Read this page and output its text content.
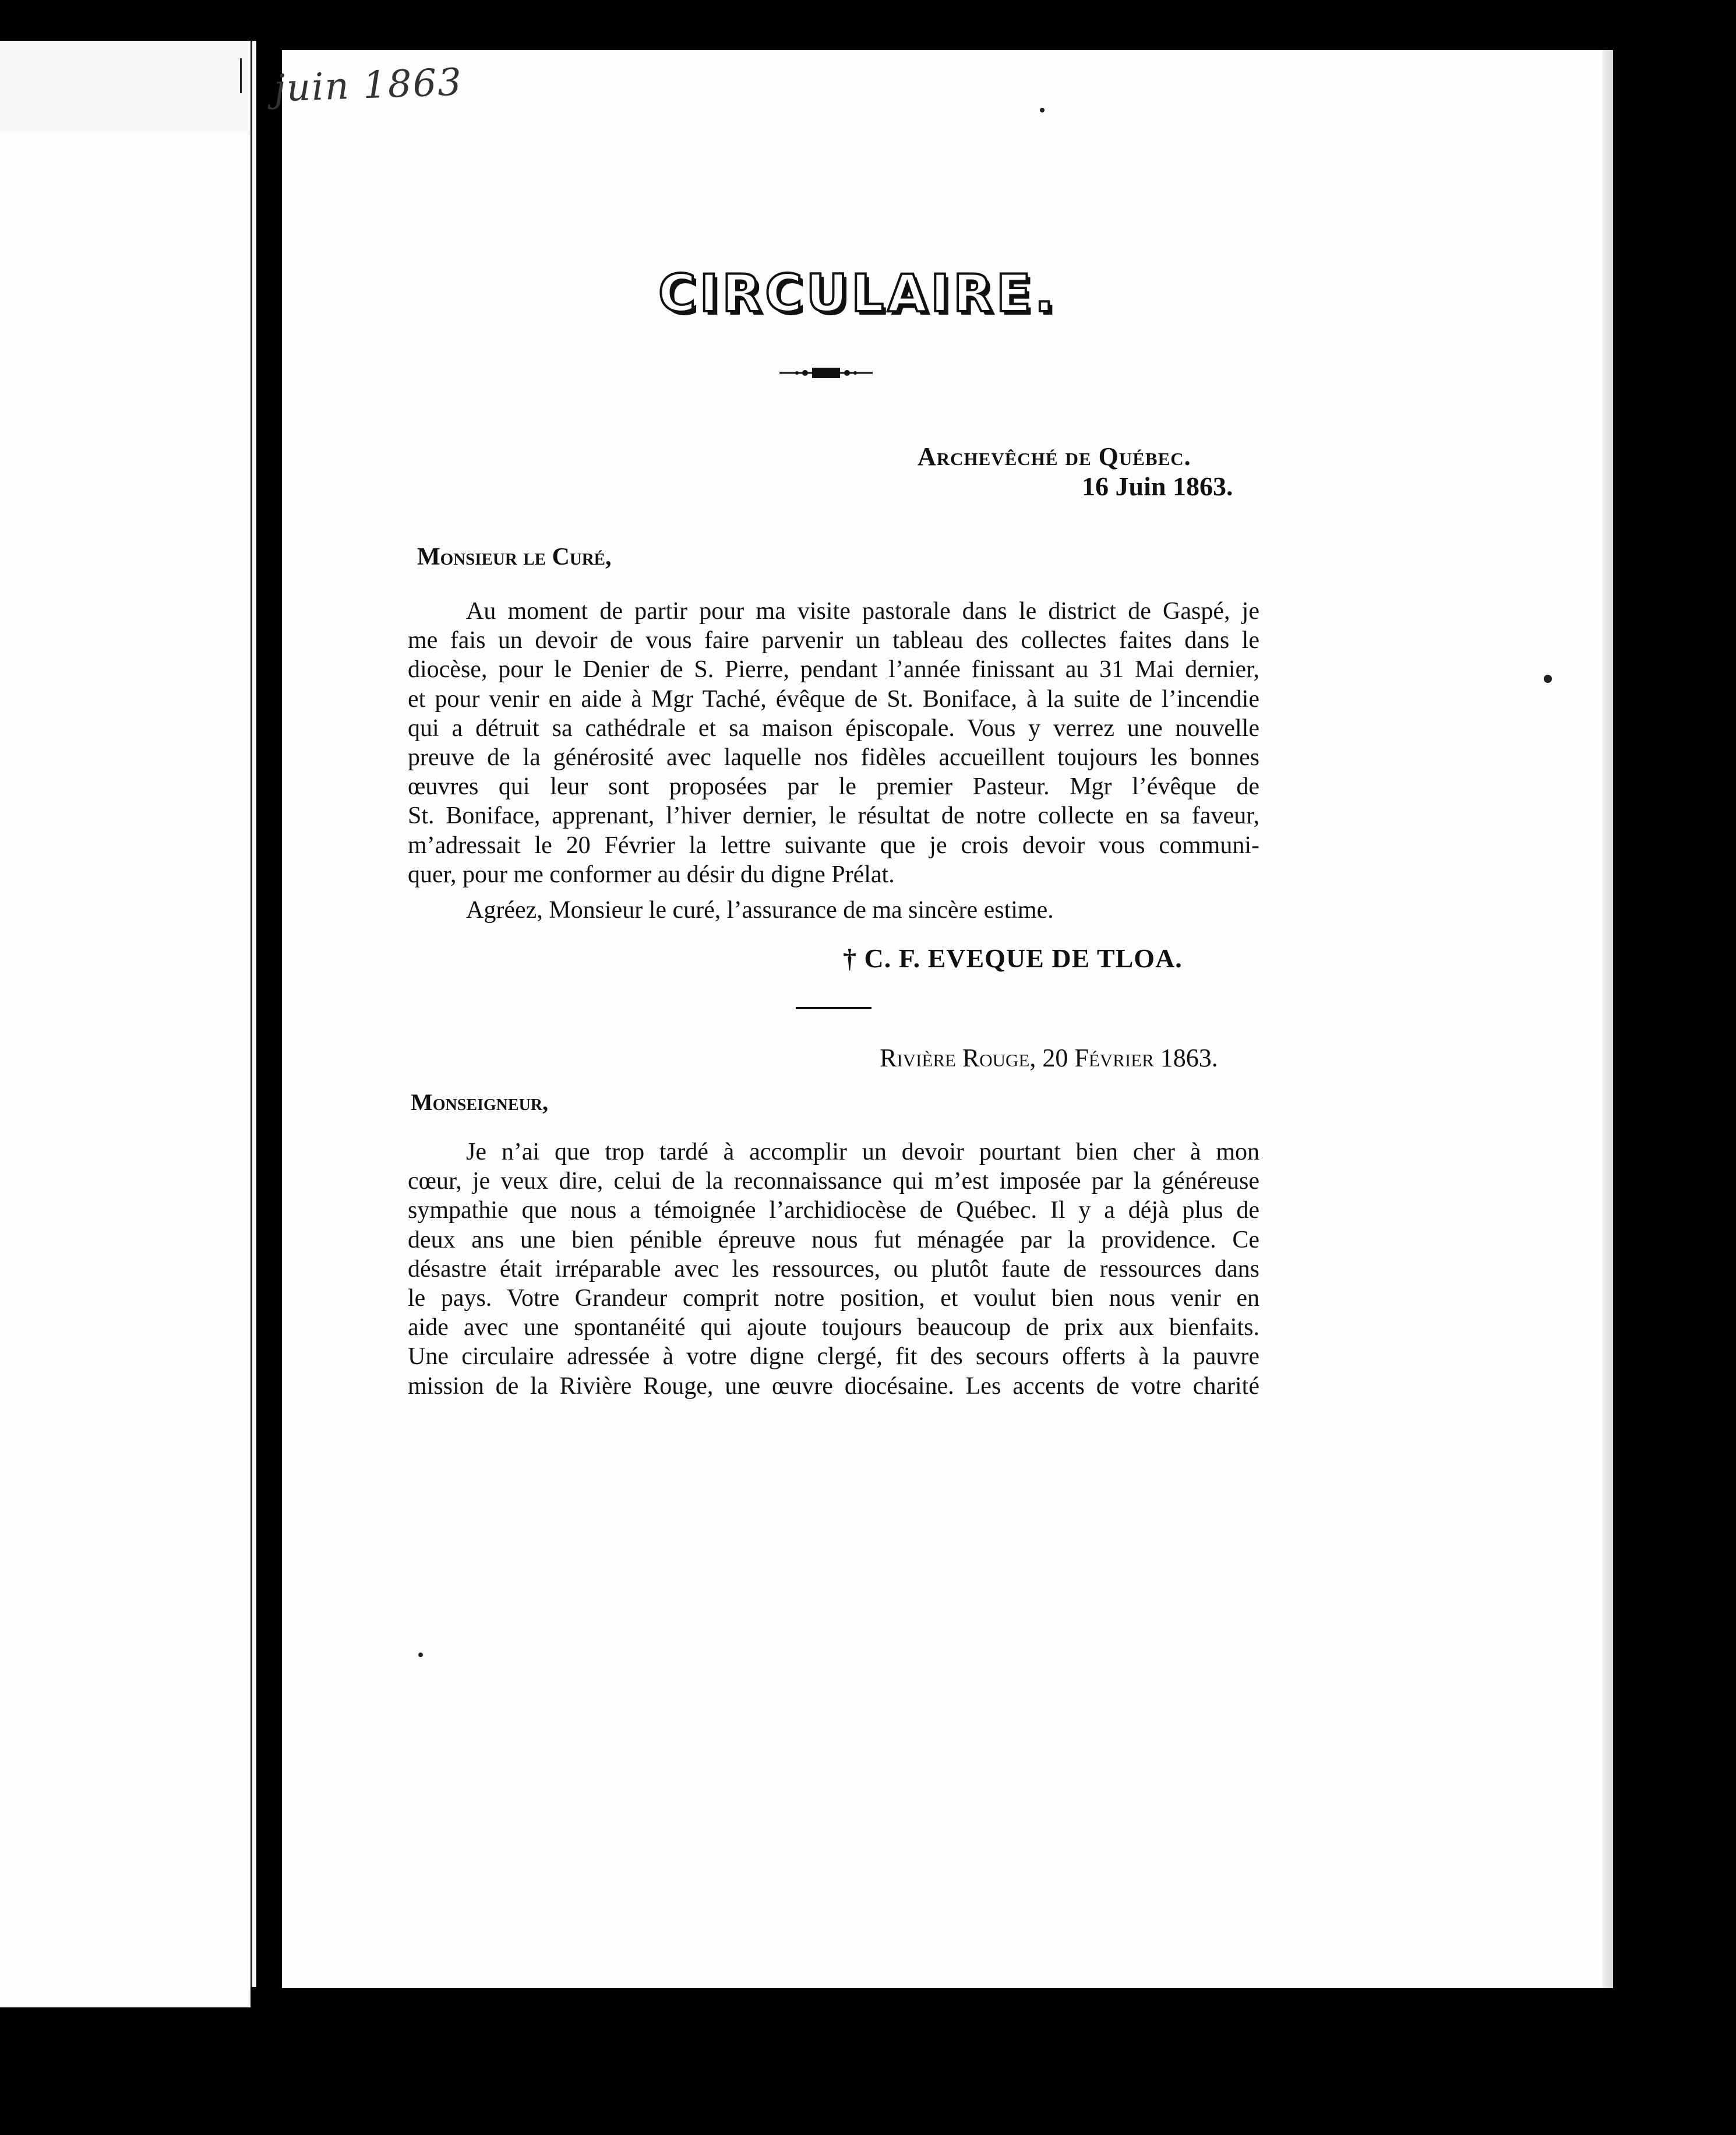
juin 1863
CIRCULAIRE.
Archevêché de Québec.
16 Juin 1863.
Monsieur le Curé,
Au moment de partir pour ma visite pastorale dans le district de Gaspé, je
me fais un devoir de vous faire parvenir un tableau des collectes faites dans le
diocèse, pour le Denier de S. Pierre, pendant l’année finissant au 31 Mai dernier,
et pour venir en aide à Mgr Taché, évêque de St. Boniface, à la suite de l’incendie
qui a détruit sa cathédrale et sa maison épiscopale. Vous y verrez une nouvelle
preuve de la générosité avec laquelle nos fidèles accueillent toujours les bonnes
œuvres qui leur sont proposées par le premier Pasteur. Mgr l’évêque de
St. Boniface, apprenant, l’hiver dernier, le résultat de notre collecte en sa faveur,
m’adressait le 20 Février la lettre suivante que je crois devoir vous communi-
quer, pour me conformer au désir du digne Prélat.
Agréez, Monsieur le curé, l’assurance de ma sincère estime.
† C. F. EVEQUE DE TLOA.
Rivière Rouge, 20 Février 1863.
Monseigneur,
Je n’ai que trop tardé à accomplir un devoir pourtant bien cher à mon
cœur, je veux dire, celui de la reconnaissance qui m’est imposée par la généreuse
sympathie que nous a témoignée l’archidiocèse de Québec. Il y a déjà plus de
deux ans une bien pénible épreuve nous fut ménagée par la providence. Ce
désastre était irréparable avec les ressources, ou plutôt faute de ressources dans
le pays. Votre Grandeur comprit notre position, et voulut bien nous venir en
aide avec une spontanéité qui ajoute toujours beaucoup de prix aux bienfaits.
Une circulaire adressée à votre digne clergé, fit des secours offerts à la pauvre
mission de la Rivière Rouge, une œuvre diocésaine. Les accents de votre charité
